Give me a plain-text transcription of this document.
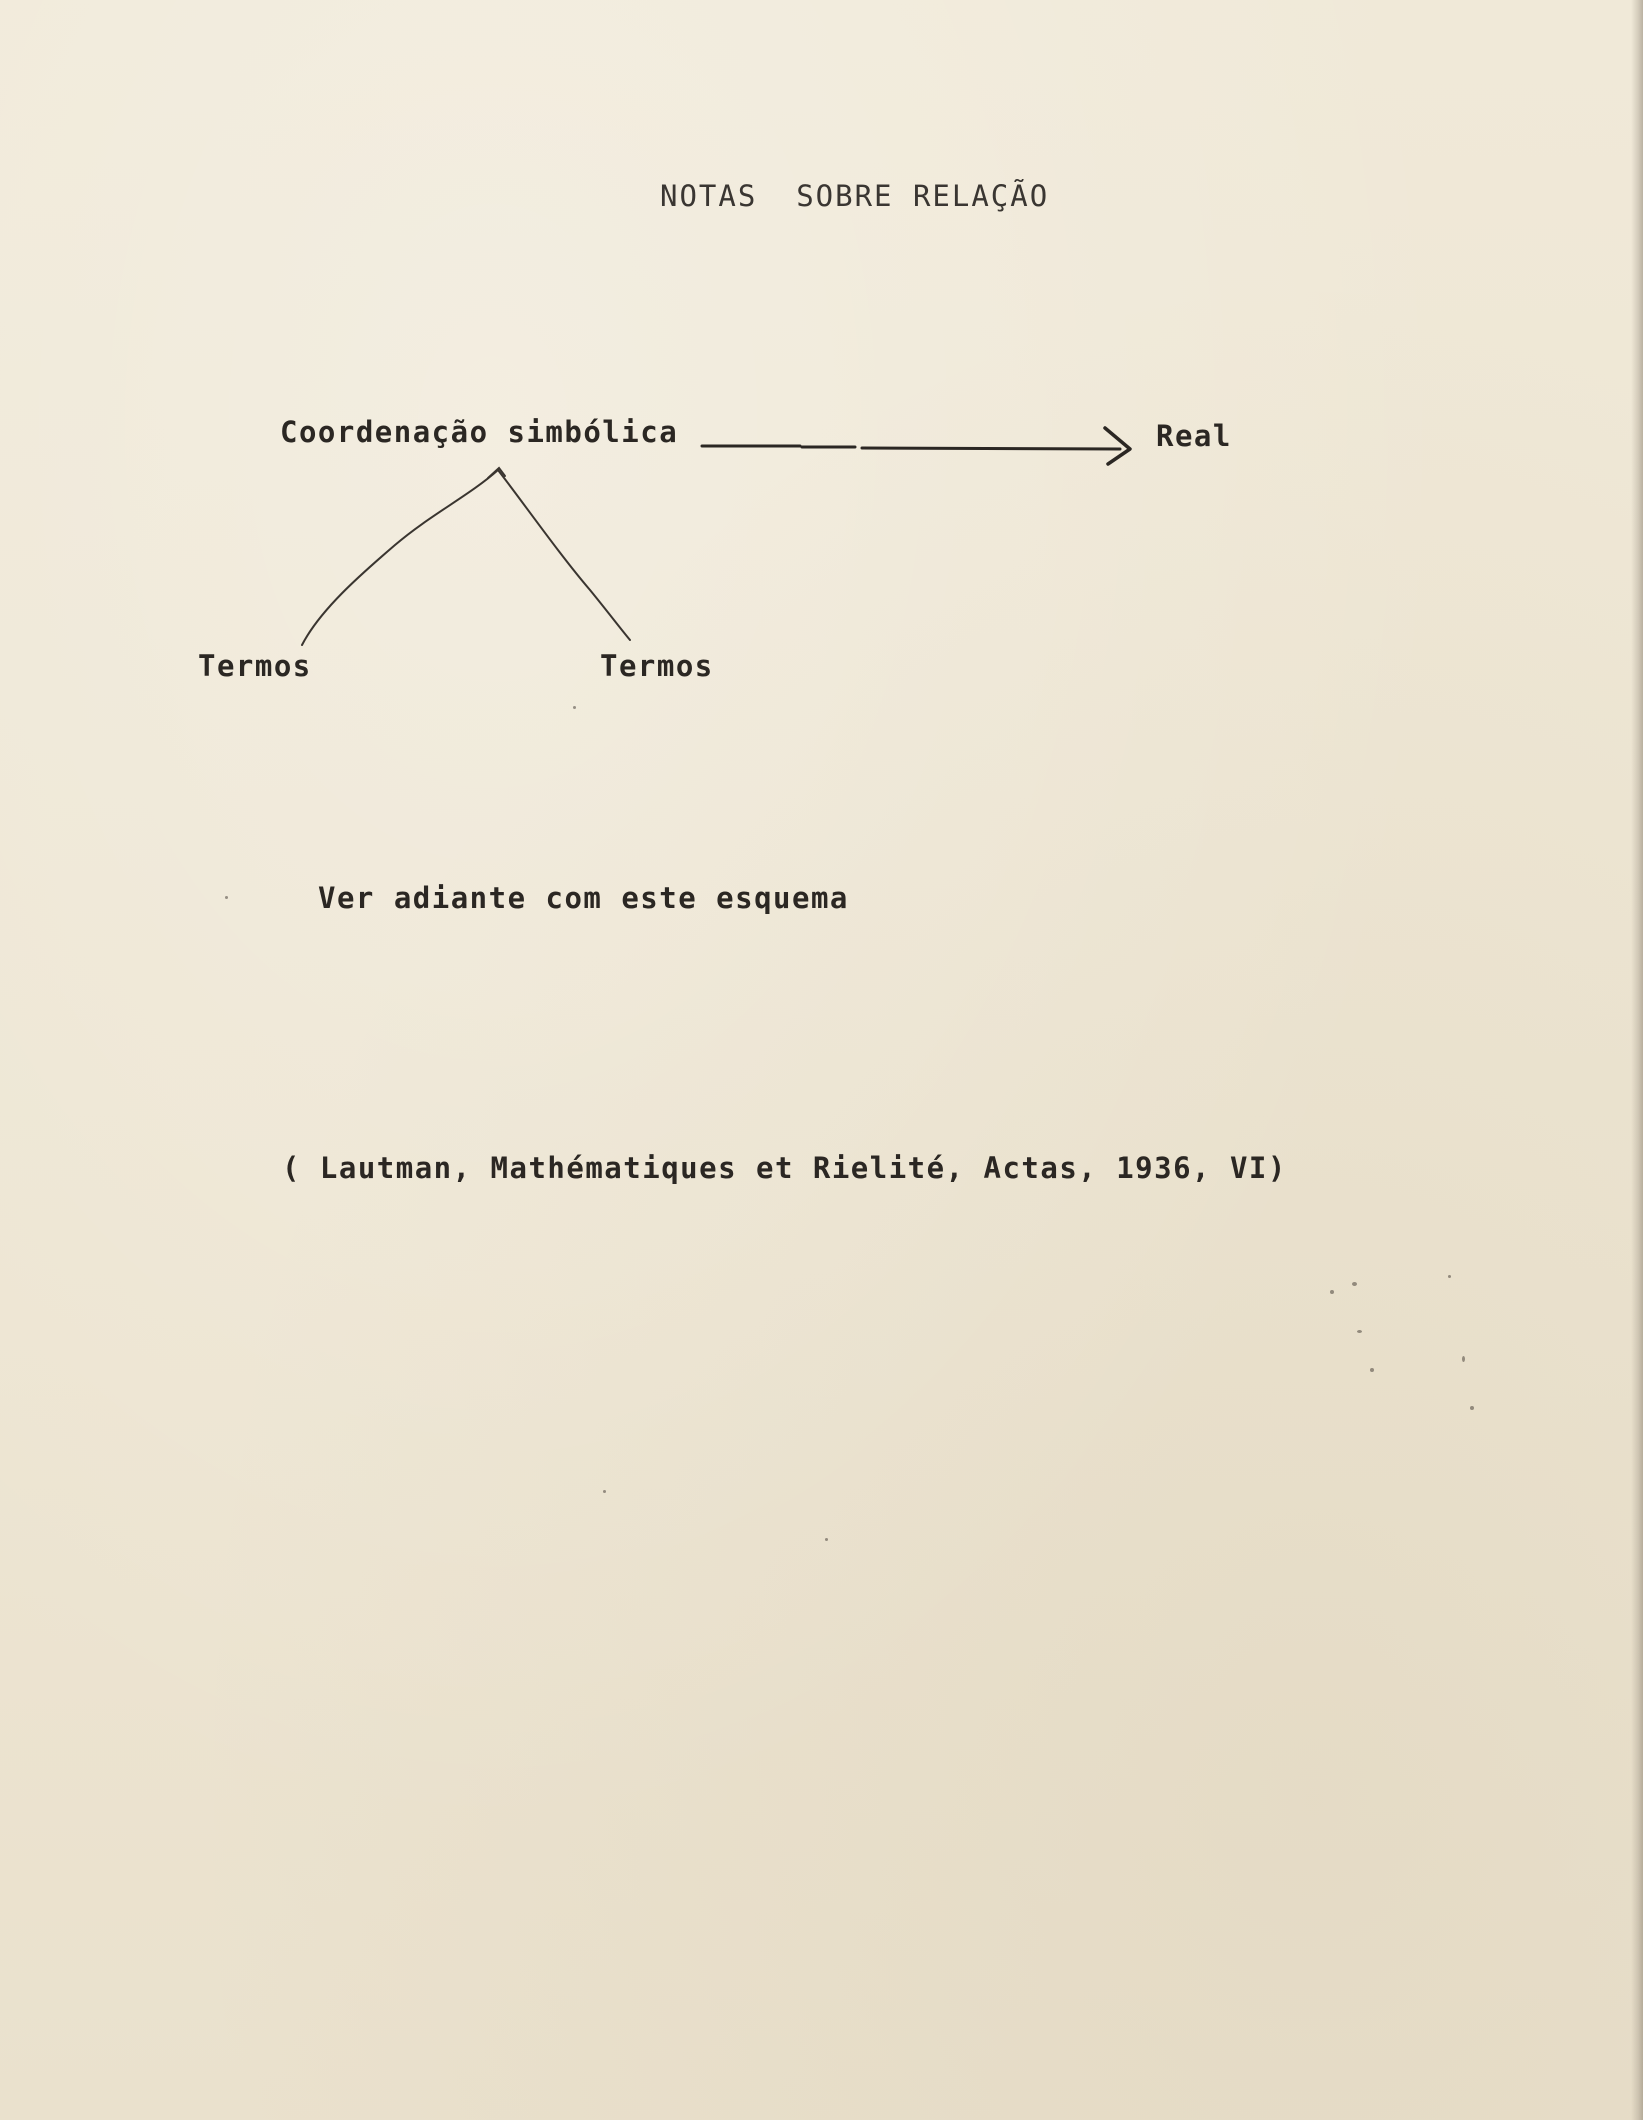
NOTAS  SOBRE RELAÇÃO
Coordenação simbólica	Real
Termos	Termos
Ver adiante com este esquema
( Lautman, Mathématiques et Rielité, Actas, 1936, VI)
